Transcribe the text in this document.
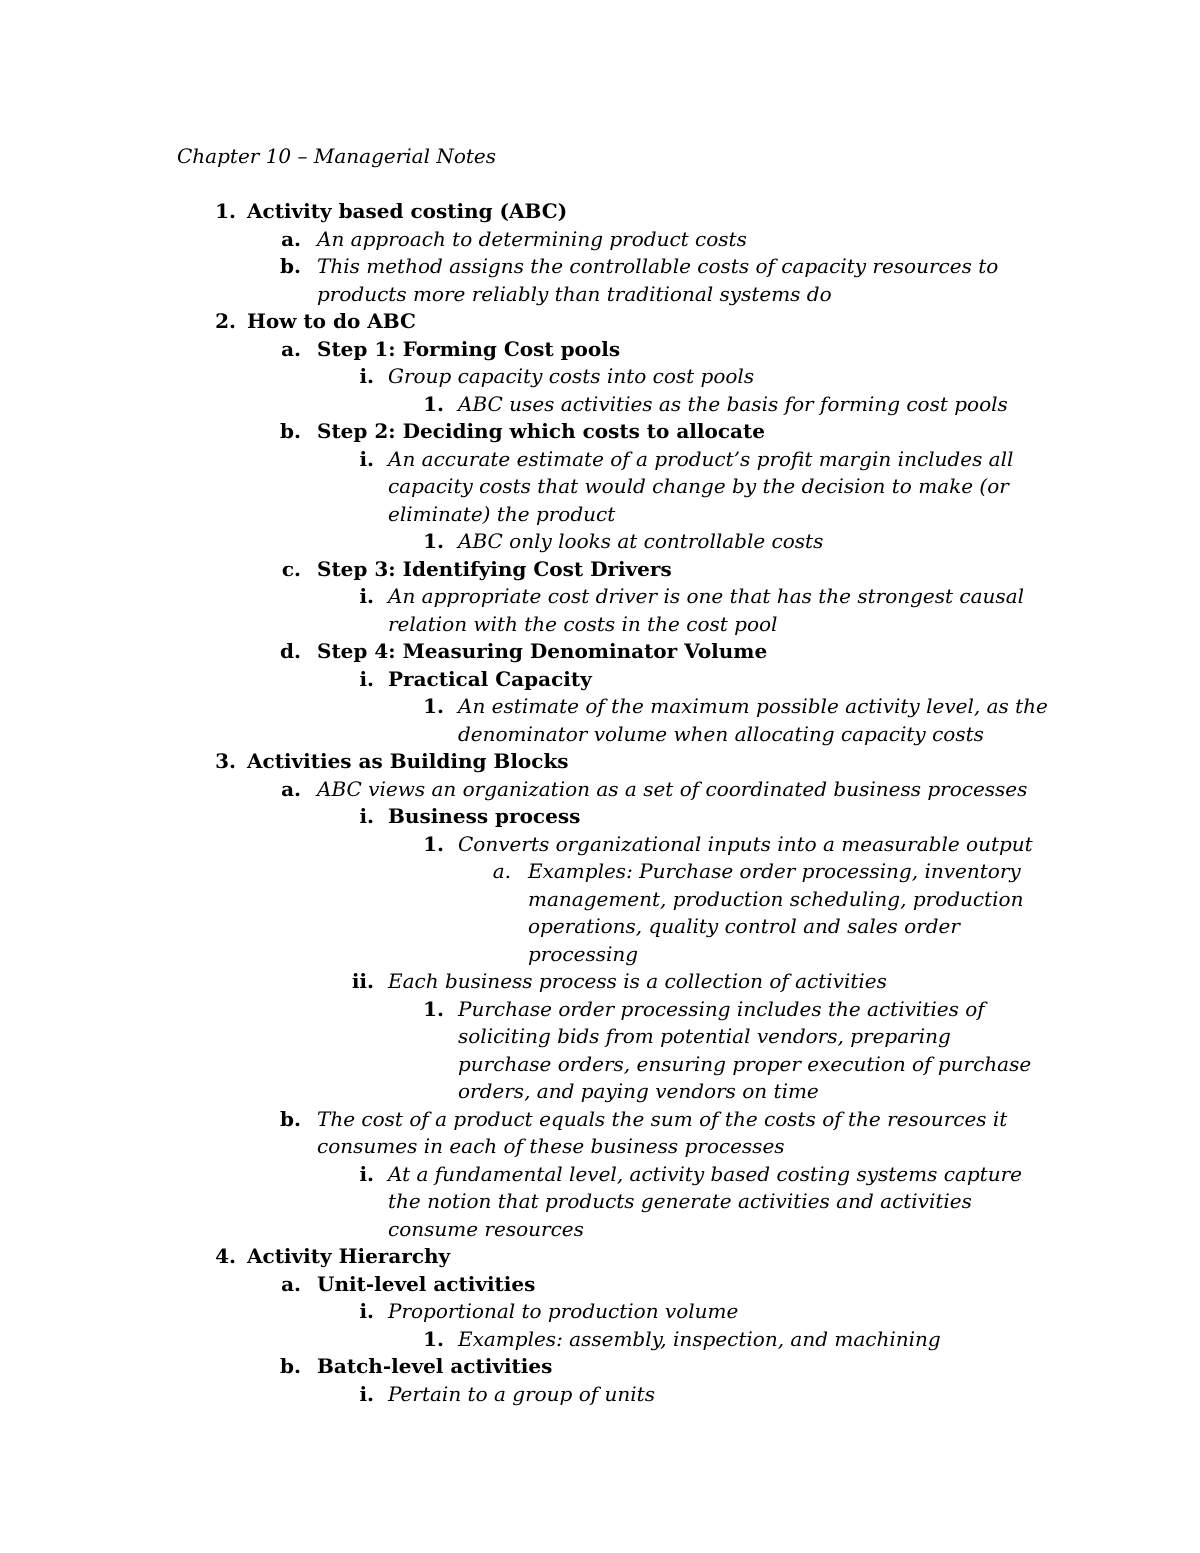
Chapter 10 – Managerial Notes
1. Activity based costing (ABC)
a. An approach to determining product costs
b. This method assigns the controllable costs of capacity resources to
products more reliably than traditional systems do
2. How to do ABC
a. Step 1: Forming Cost pools
i. Group capacity costs into cost pools
1. ABC uses activities as the basis for forming cost pools
b. Step 2: Deciding which costs to allocate
i. An accurate estimate of a product’s profit margin includes all
capacity costs that would change by the decision to make (or
eliminate) the product
1. ABC only looks at controllable costs
c. Step 3: Identifying Cost Drivers
i. An appropriate cost driver is one that has the strongest causal
relation with the costs in the cost pool
d. Step 4: Measuring Denominator Volume
i. Practical Capacity
1. An estimate of the maximum possible activity level, as the
denominator volume when allocating capacity costs
3. Activities as Building Blocks
a. ABC views an organization as a set of coordinated business processes
i. Business process
1. Converts organizational inputs into a measurable output
a. Examples: Purchase order processing, inventory
management, production scheduling, production
operations, quality control and sales order
processing
ii. Each business process is a collection of activities
1. Purchase order processing includes the activities of
soliciting bids from potential vendors, preparing
purchase orders, ensuring proper execution of purchase
orders, and paying vendors on time
b. The cost of a product equals the sum of the costs of the resources it
consumes in each of these business processes
i. At a fundamental level, activity based costing systems capture
the notion that products generate activities and activities
consume resources
4. Activity Hierarchy
a. Unit-level activities
i. Proportional to production volume
1. Examples: assembly, inspection, and machining
b. Batch-level activities
i. Pertain to a group of units
